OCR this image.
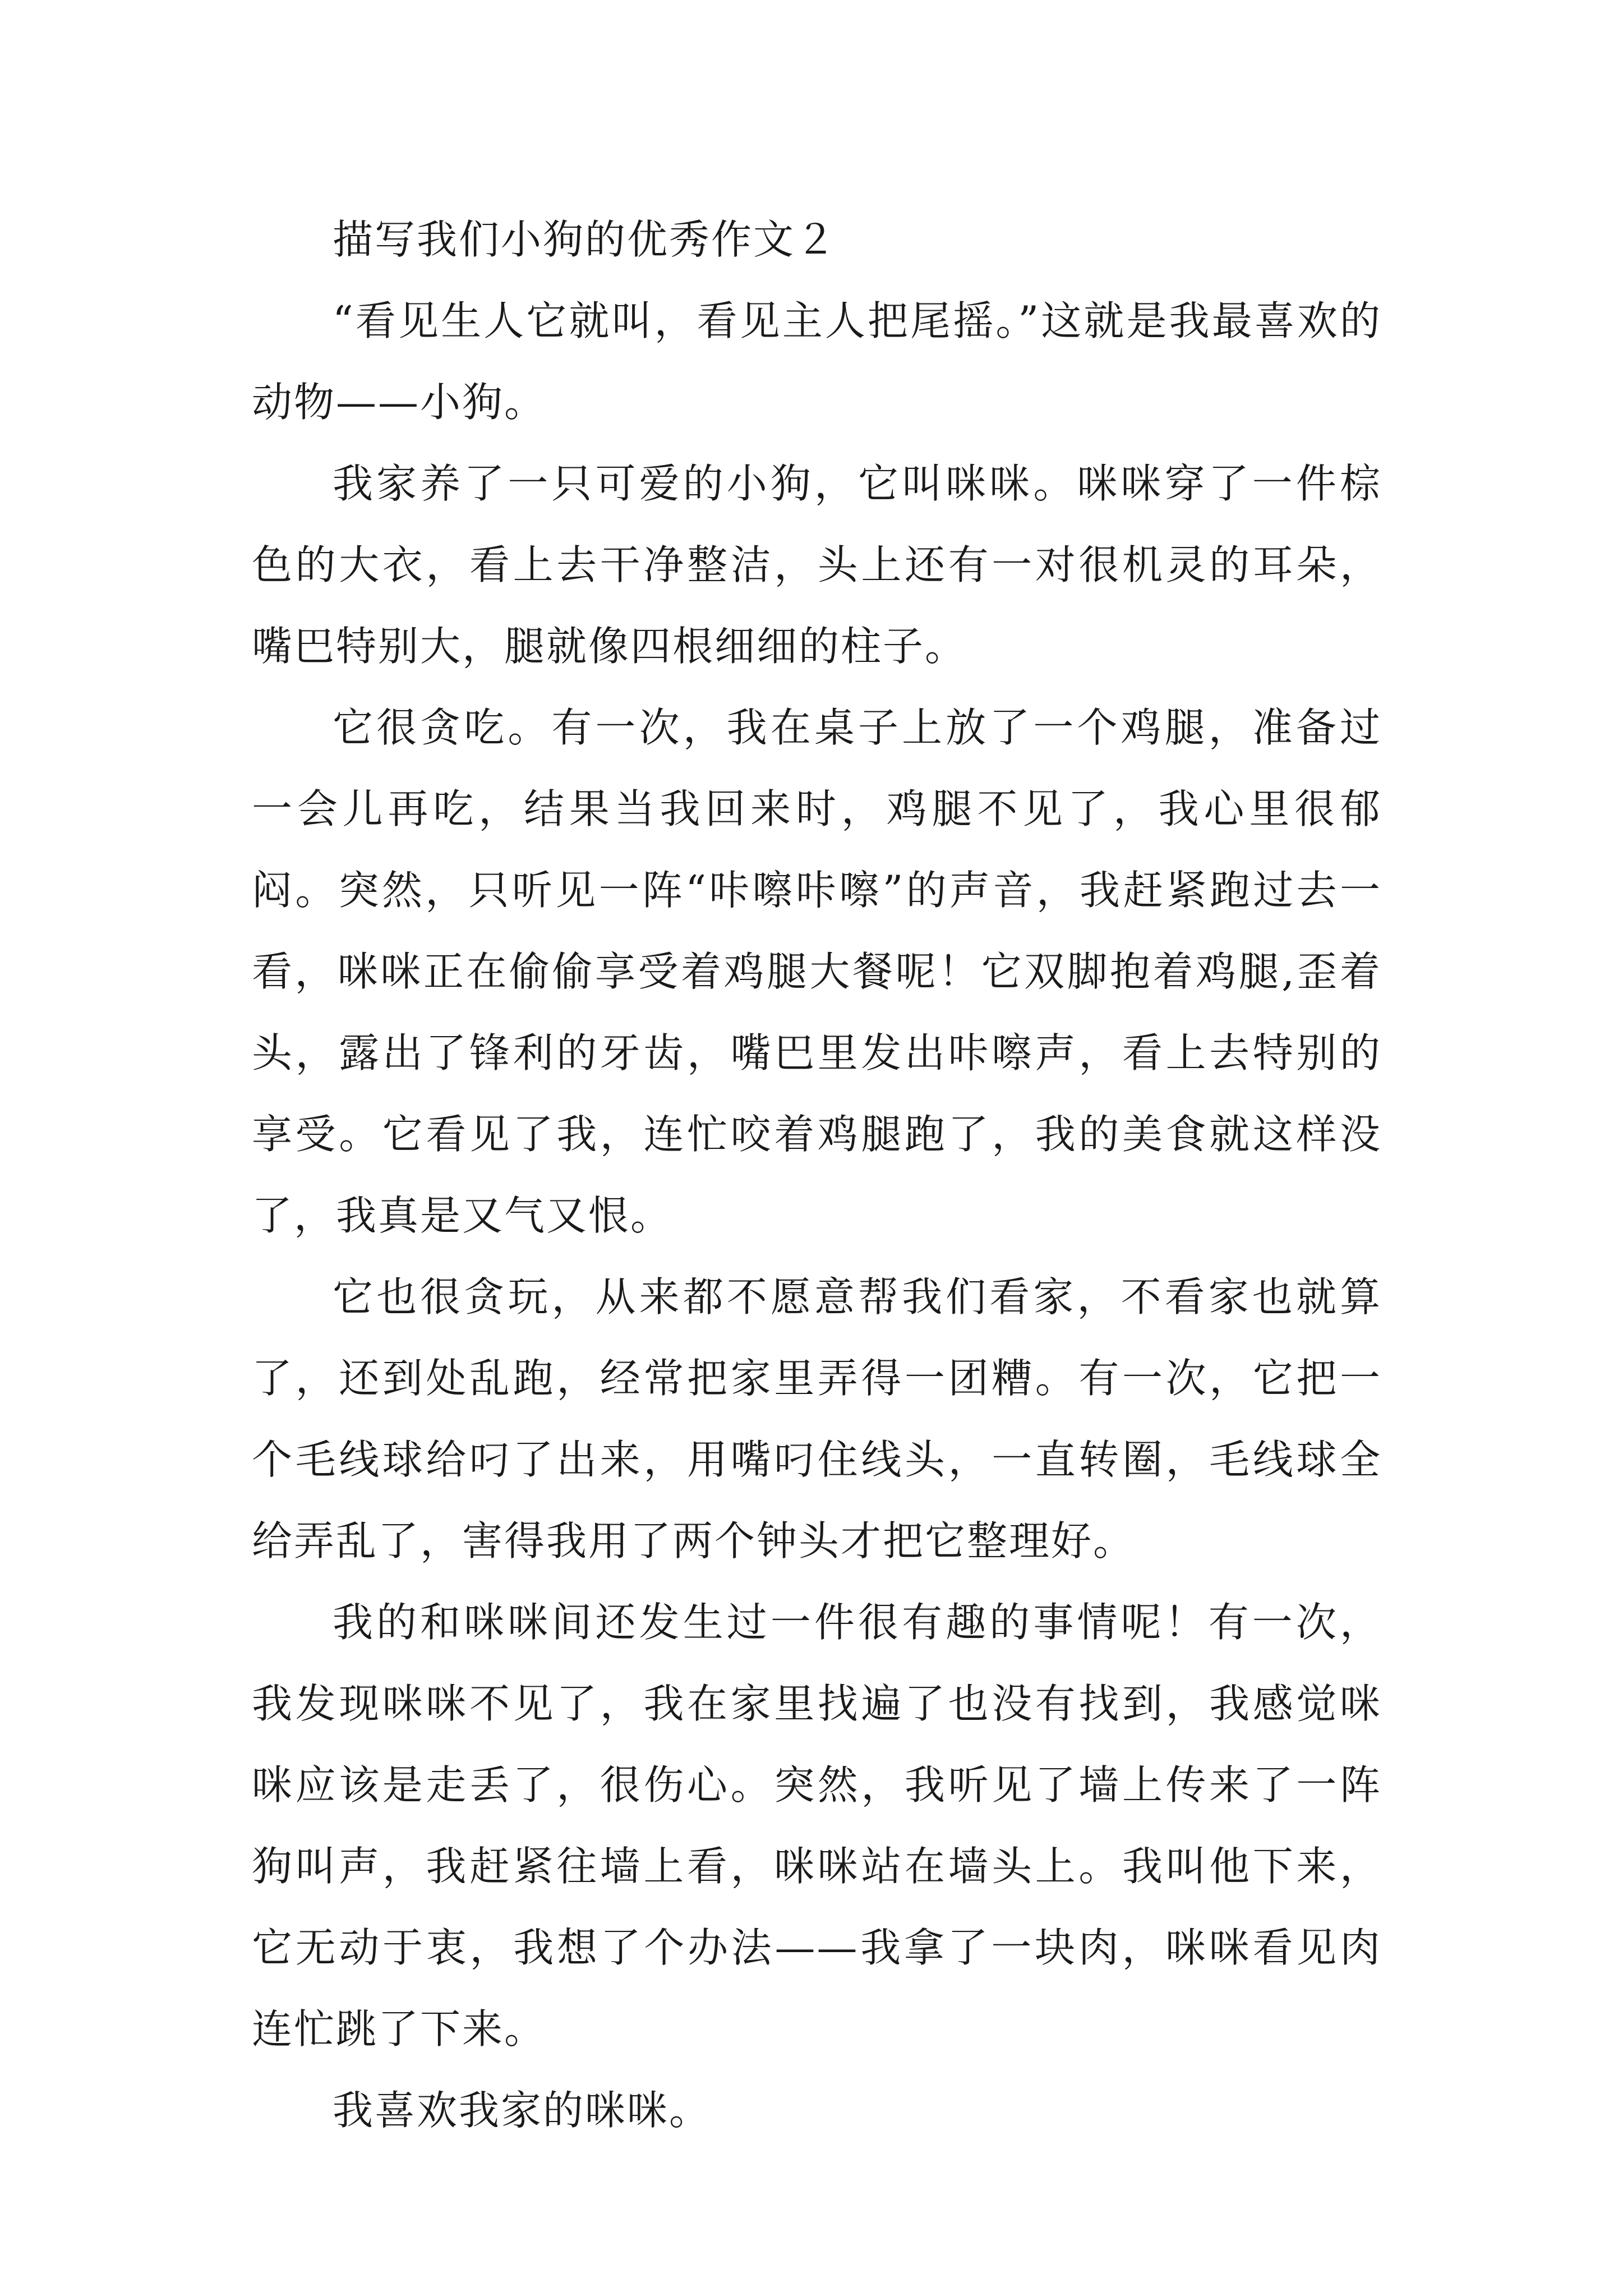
描写我们小狗的优秀作文２

“看见生人它就叫，看见主人把尾摇。”这就是我最喜欢的动物——小狗。

我家养了一只可爱的小狗，它叫咪咪。咪咪穿了一件棕色的大衣，看上去干净整洁，头上还有一对很机灵的耳朵，嘴巴特别大，腿就像四根细细的柱子。

它很贪吃。有一次，我在桌子上放了一个鸡腿，准备过一会儿再吃，结果当我回来时，鸡腿不见了，我心里很郁闷。突然，只听见一阵“咔嚓咔嚓”的声音，我赶紧跑过去一看，咪咪正在偷偷享受着鸡腿大餐呢！它双脚抱着鸡腿,歪着头，露出了锋利的牙齿，嘴巴里发出咔嚓声，看上去特别的享受。它看见了我，连忙咬着鸡腿跑了，我的美食就这样没了，我真是又气又恨。

它也很贪玩，从来都不愿意帮我们看家，不看家也就算了，还到处乱跑，经常把家里弄得一团糟。有一次，它把一个毛线球给叼了出来，用嘴叼住线头，一直转圈，毛线球全给弄乱了，害得我用了两个钟头才把它整理好。

我的和咪咪间还发生过一件很有趣的事情呢！有一次，我发现咪咪不见了，我在家里找遍了也没有找到，我感觉咪咪应该是走丢了，很伤心。突然，我听见了墙上传来了一阵狗叫声，我赶紧往墙上看，咪咪站在墙头上。我叫他下来，它无动于衷，我想了个办法——我拿了一块肉，咪咪看见肉连忙跳了下来。

我喜欢我家的咪咪。
